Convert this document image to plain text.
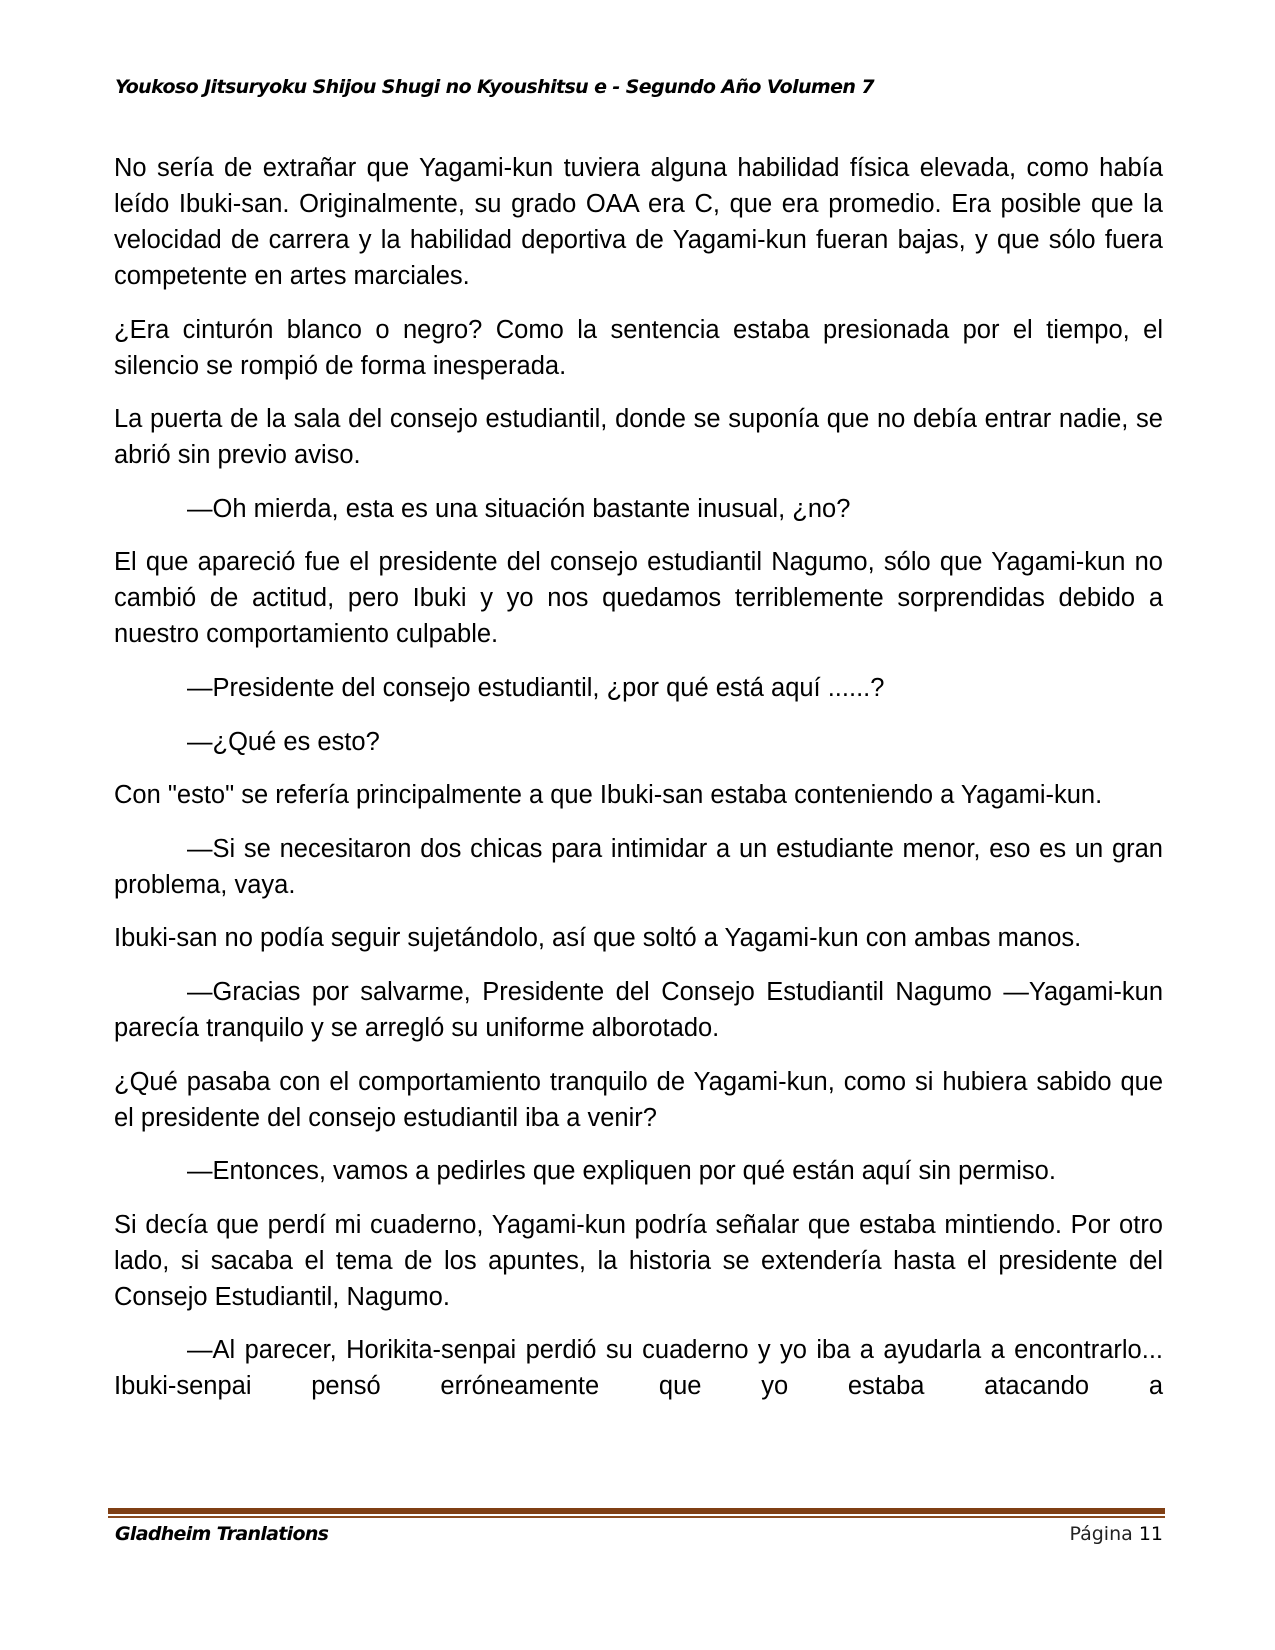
Youkoso Jitsuryoku Shijou Shugi no Kyoushitsu e - Segundo Año Volumen 7

No sería de extrañar que Yagami-kun tuviera alguna habilidad física elevada, como había leído Ibuki-san. Originalmente, su grado OAA era C, que era promedio. Era posible que la velocidad de carrera y la habilidad deportiva de Yagami-kun fueran bajas, y que sólo fuera competente en artes marciales.

¿Era cinturón blanco o negro? Como la sentencia estaba presionada por el tiempo, el silencio se rompió de forma inesperada.

La puerta de la sala del consejo estudiantil, donde se suponía que no debía entrar nadie, se abrió sin previo aviso.

—Oh mierda, esta es una situación bastante inusual, ¿no?

El que apareció fue el presidente del consejo estudiantil Nagumo, sólo que Yagami-kun no cambió de actitud, pero Ibuki y yo nos quedamos terriblemente sorprendidas debido a nuestro comportamiento culpable.

—Presidente del consejo estudiantil, ¿por qué está aquí ......?

—¿Qué es esto?

Con "esto" se refería principalmente a que Ibuki-san estaba conteniendo a Yagami-kun.

—Si se necesitaron dos chicas para intimidar a un estudiante menor, eso es un gran problema, vaya.

Ibuki-san no podía seguir sujetándolo, así que soltó a Yagami-kun con ambas manos.

—Gracias por salvarme, Presidente del Consejo Estudiantil Nagumo —Yagami-kun parecía tranquilo y se arregló su uniforme alborotado.

¿Qué pasaba con el comportamiento tranquilo de Yagami-kun, como si hubiera sabido que el presidente del consejo estudiantil iba a venir?

—Entonces, vamos a pedirles que expliquen por qué están aquí sin permiso.

Si decía que perdí mi cuaderno, Yagami-kun podría señalar que estaba mintiendo. Por otro lado, si sacaba el tema de los apuntes, la historia se extendería hasta el presidente del Consejo Estudiantil, Nagumo.

—Al parecer, Horikita-senpai perdió su cuaderno y yo iba a ayudarla a encontrarlo... Ibuki-senpai pensó erróneamente que yo estaba atacando a

Gladheim Tranlations	Página 11
